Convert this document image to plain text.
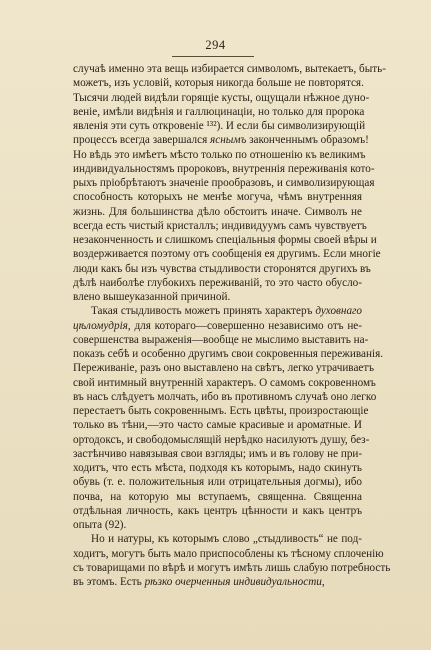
294

случаѣ именно эта вещь избирается символомъ, вытекаетъ, быть-
можетъ, изъ условій, которыя никогда больше не повторятся.
Тысячи людей видѣли горящіе кусты, ощущали нѣжное дуно-
веніе, имѣли видѣнія и галлюцинаціи, но только для пророка
явленія эти суть откровеніе ¹³²). И если бы символизирующій
процессъ всегда завершался яснымъ законченнымъ образомъ!
Но вѣдь это имѣетъ мѣсто только по отношенію къ великимъ
индивидуальностямъ пророковъ, внутреннія переживанія кото-
рыхъ пріобрѣтаютъ значеніе прообразовъ, и символизирующая
способность которыхъ не менѣе могуча, чѣмъ внутренняя
жизнь. Для большинства дѣло обстоитъ иначе. Символъ не
всегда есть чистый кристаллъ; индивидуумъ самъ чувствуетъ
незаконченность и слишкомъ спеціальныя формы своей вѣры и
воздерживается поэтому отъ сообщенія ея другимъ. Если многіе
люди какъ бы изъ чувства стыдливости сторонятся другихъ въ
дѣлѣ наиболѣе глубокихъ переживаній, то это часто обусло-
влено вышеуказанной причиной.

Такая стыдливость можетъ принять характеръ духовнаго
цѣломудрія, для котораго—совершенно независимо отъ не-
совершенства выраженія—вообще не мыслимо выставить на-
показъ себѣ и особенно другимъ свои сокровенныя переживанія.
Переживаніе, разъ оно выставлено на свѣтъ, легко утрачиваетъ
свой интимный внутренній характеръ. О самомъ сокровенномъ
въ насъ слѣдуетъ молчать, ибо въ противномъ случаѣ оно легко
перестаетъ быть сокровеннымъ. Есть цвѣты, произростающіе
только въ тѣни,—это часто самые красивые и ароматные. И
ортодоксъ, и свободомыслящій нерѣдко насилуютъ душу, без-
застѣнчиво навязывая свои взгляды; имъ и въ голову не при-
ходитъ, что есть мѣста, подходя къ которымъ, надо скинуть
обувь (т. е. положительныя или отрицательныя догмы), ибо
почва, на которую мы вступаемъ, священна. Священна
отдѣльная личность, какъ центръ цѣнности и какъ центръ
опыта (92).

Но и натуры, къ которымъ слово „стыдливость“ не под-
ходитъ, могутъ быть мало приспособлены къ тѣсному сплоченію
съ товарищами по вѣрѣ и могутъ имѣть лишь слабую потребность
въ этомъ. Есть рѣзко очерченныя индивидуальности,
